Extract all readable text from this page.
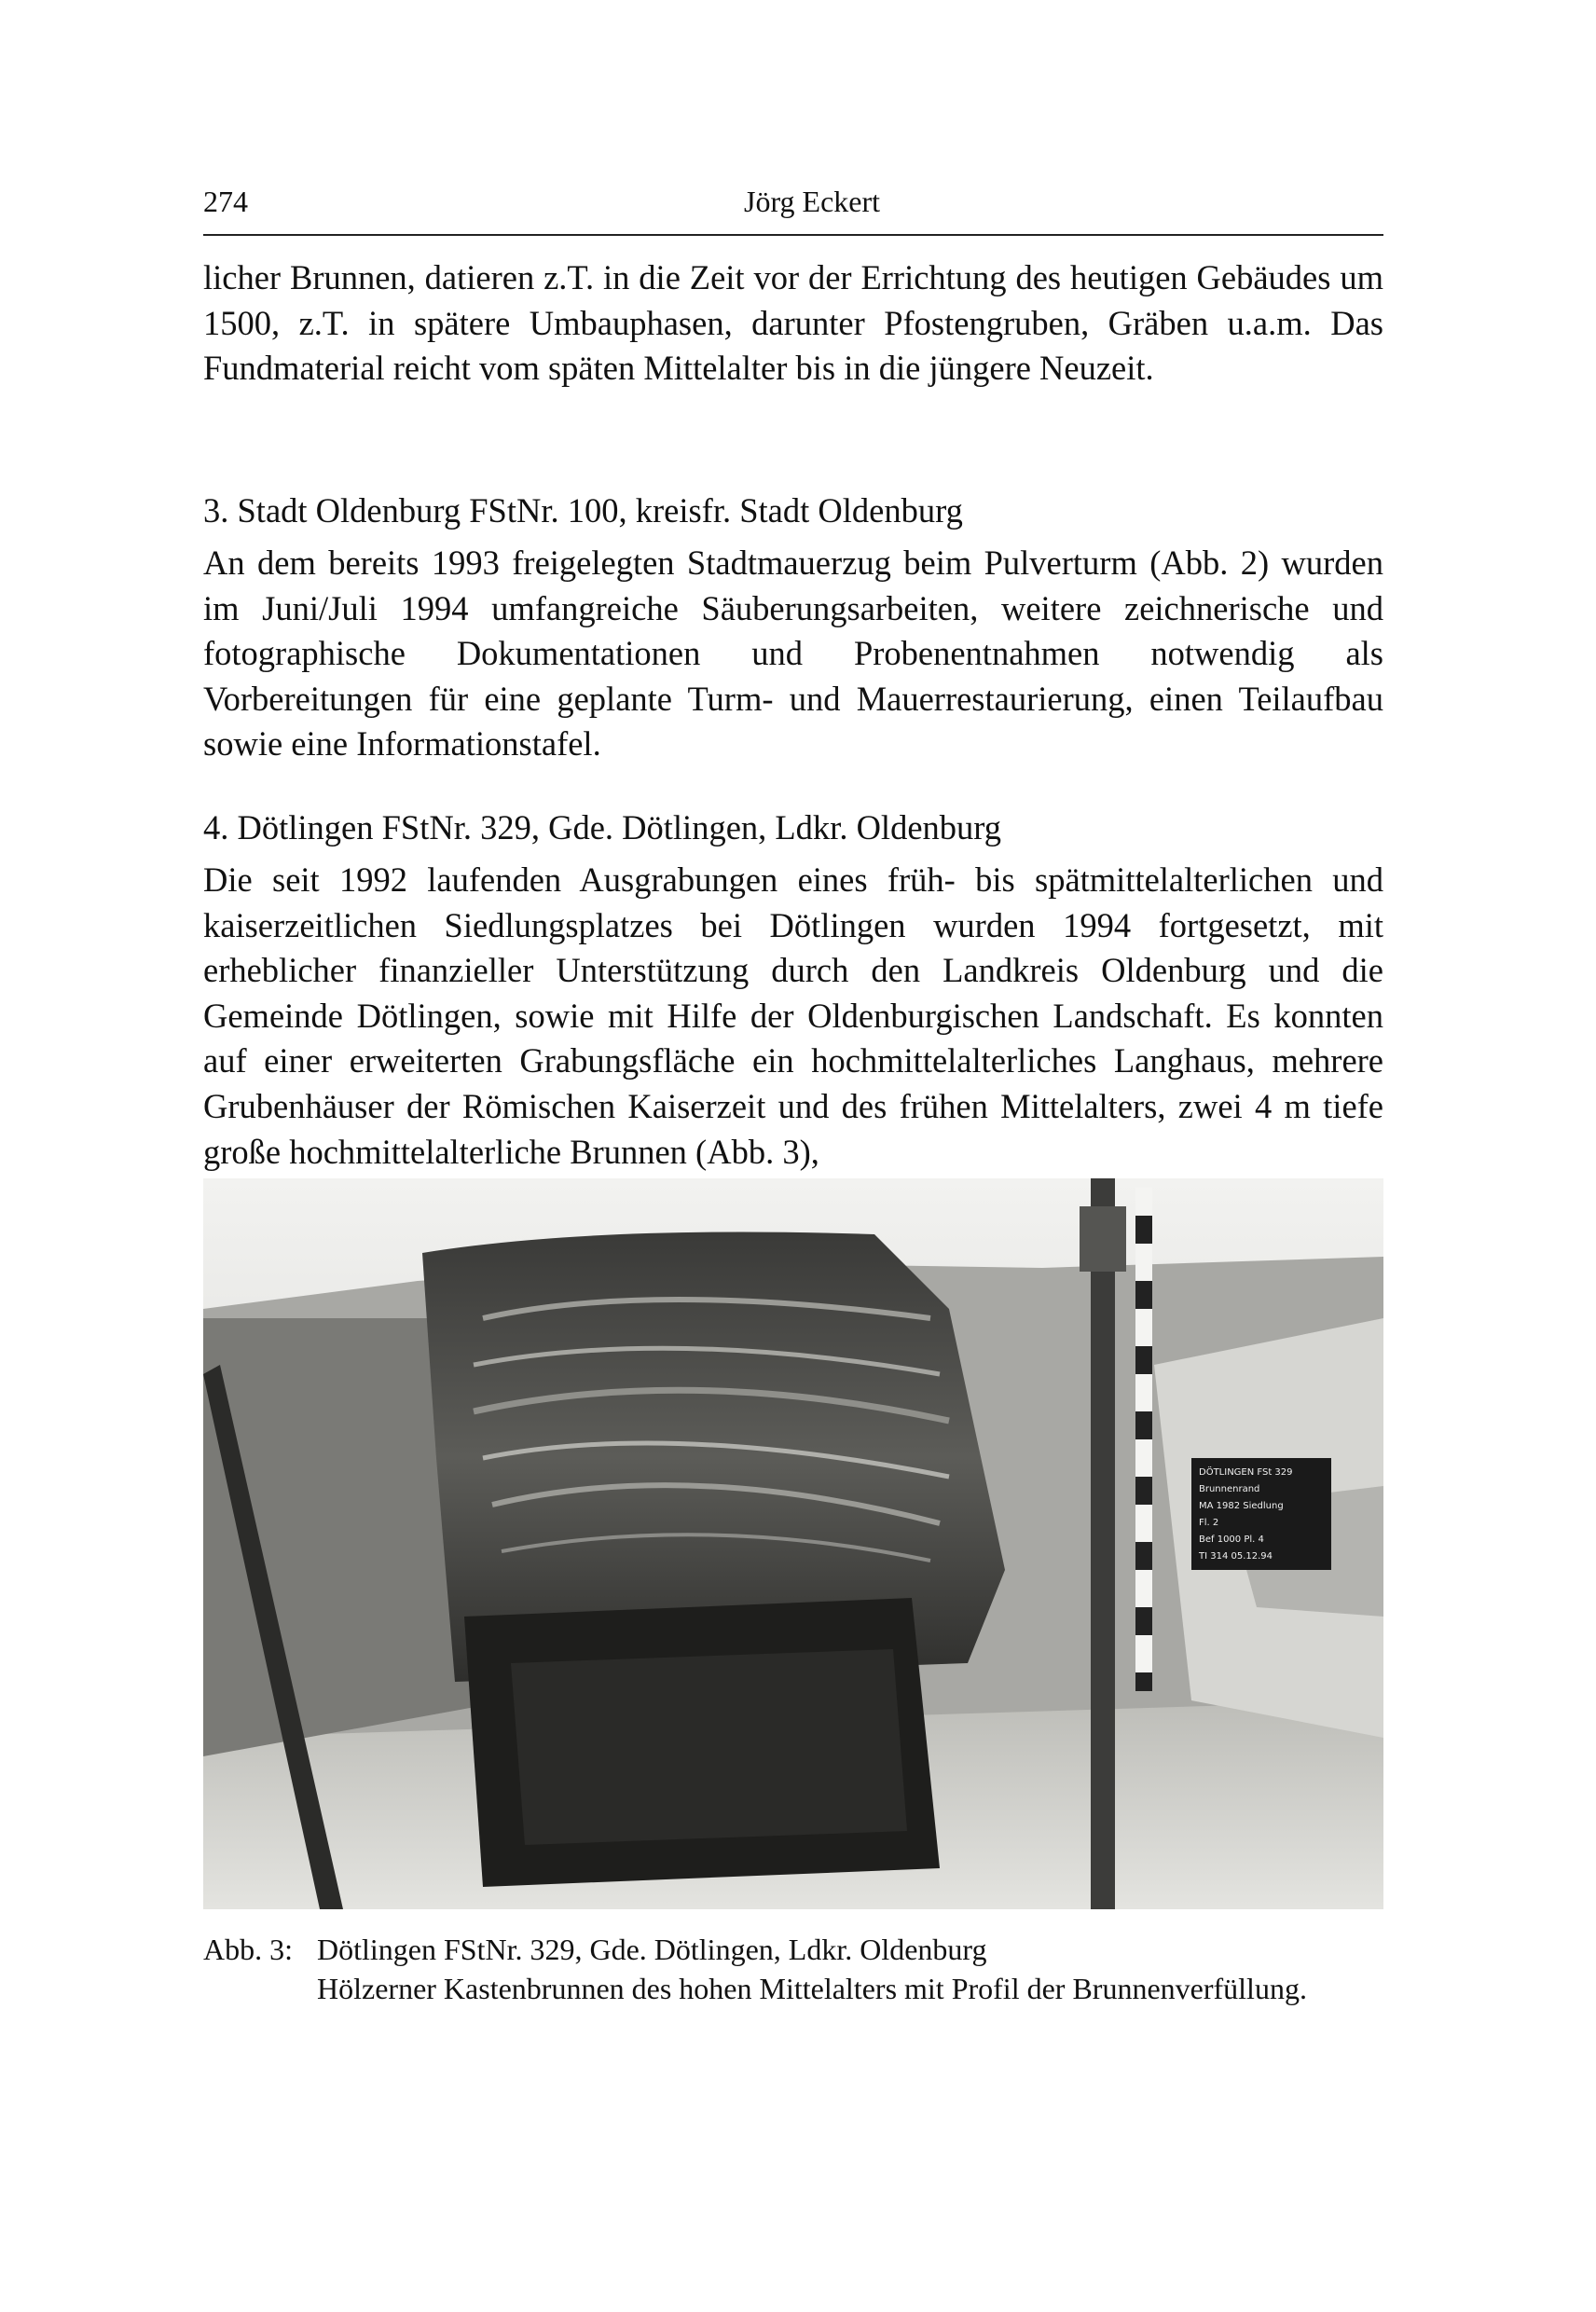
274	Jörg Eckert

licher Brunnen, datieren z.T. in die Zeit vor der Errichtung des heutigen Gebäudes um 1500, z.T. in spätere Umbauphasen, darunter Pfostengruben, Gräben u.a.m. Das Fundmaterial reicht vom späten Mittelalter bis in die jüngere Neuzeit.

3. Stadt Oldenburg FStNr. 100, kreisfr. Stadt Oldenburg

An dem bereits 1993 freigelegten Stadtmauerzug beim Pulverturm (Abb. 2) wurden im Juni/Juli 1994 umfangreiche Säuberungsarbeiten, weitere zeichnerische und fotographische Dokumentationen und Probenentnahmen notwendig als Vorbereitungen für eine geplante Turm- und Mauerrestaurierung, einen Teilaufbau sowie eine Informationstafel.

4. Dötlingen FStNr. 329, Gde. Dötlingen, Ldkr. Oldenburg

Die seit 1992 laufenden Ausgrabungen eines früh- bis spätmittelalterlichen und kaiserzeitlichen Siedlungsplatzes bei Dötlingen wurden 1994 fortgesetzt, mit erheblicher finanzieller Unterstützung durch den Landkreis Oldenburg und die Gemeinde Dötlingen, sowie mit Hilfe der Oldenburgischen Landschaft. Es konnten auf einer erweiterten Grabungsfläche ein hochmittelalterliches Langhaus, mehrere Grubenhäuser der Römischen Kaiserzeit und des frühen Mittelalters, zwei 4 m tiefe große hochmittelalterliche Brunnen (Abb. 3),

DÖTLINGEN FSt 329
Brunnenrand
MA 1982 Siedlung
Fl. 2
Bef 1000 Pl. 4
TI 314 05.12.94
Abb. 3: Dötlingen FStNr. 329, Gde. Dötlingen, Ldkr. Oldenburg
Hölzerner Kastenbrunnen des hohen Mittelalters mit Profil der Brunnenverfüllung.
